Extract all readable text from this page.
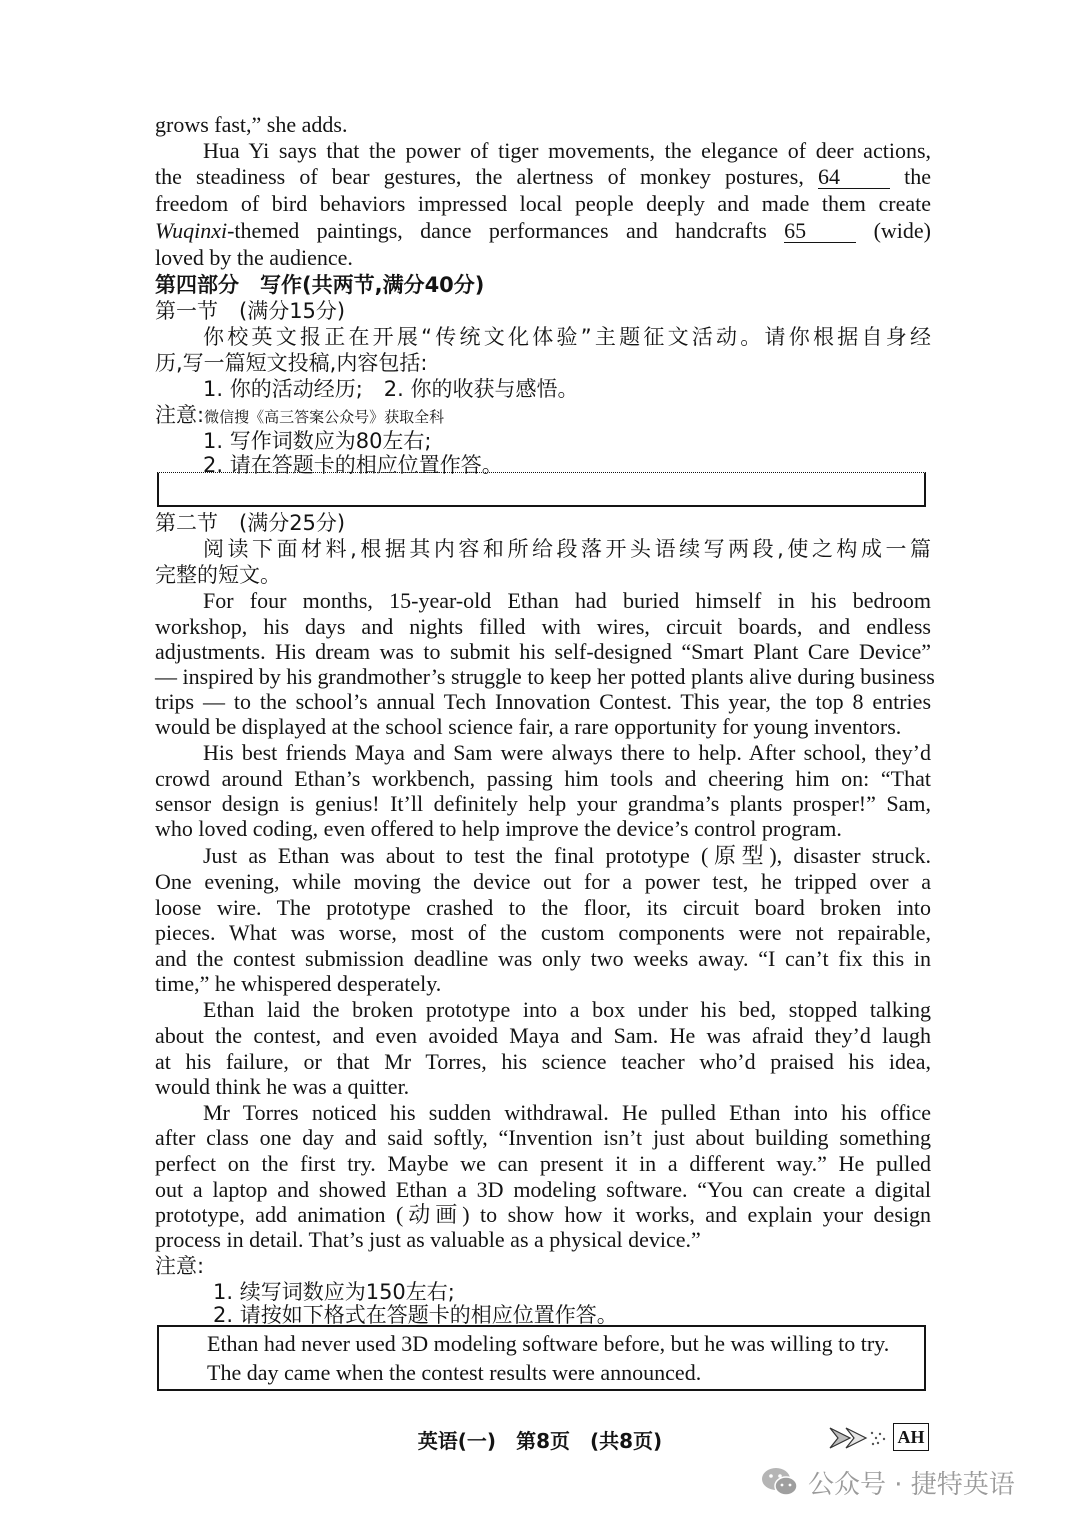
grows fast,” she adds.
Hua Yi says that the power of tiger movements, the elegance of deer actions,
the steadiness of bear gestures, the alertness of monkey postures, 64	the
freedom of bird behaviors impressed local people deeply and made them create
Wuqinxi-themed paintings, dance performances and handcrafts 65	(wide)
loved by the audience.
第四部分　写作(共两节,满分40分)
第一节　(满分15分)
你校英文报正在开展“传统文化体验”主题征文活动。请你根据自身经
历,写一篇短文投稿,内容包括:
1. 你的活动经历;　2. 你的收获与感悟。
注意:微信搜《高三答案公众号》获取全科
1. 写作词数应为80左右;
2. 请在答题卡的相应位置作答。
第二节　(满分25分)
阅读下面材料,根据其内容和所给段落开头语续写两段,使之构成一篇
完整的短文。
For four months, 15-year-old Ethan had buried himself in his bedroom
workshop, his days and nights filled with wires, circuit boards, and endless
adjustments. His dream was to submit his self-designed “Smart Plant Care Device”
— inspired by his grandmother’s struggle to keep her potted plants alive during business
trips — to the school’s annual Tech Innovation Contest. This year, the top 8 entries
would be displayed at the school science fair, a rare opportunity for young inventors.
His best friends Maya and Sam were always there to help. After school, they’d
crowd around Ethan’s workbench, passing him tools and cheering him on: “That
sensor design is genius! It’ll definitely help your grandma’s plants prosper!” Sam,
who loved coding, even offered to help improve the device’s control program.
Just as Ethan was about to test the final prototype (原型), disaster struck.
One evening, while moving the device out for a power test, he tripped over a
loose wire. The prototype crashed to the floor, its circuit board broken into
pieces. What was worse, most of the custom components were not repairable,
and the contest submission deadline was only two weeks away. “I can’t fix this in
time,” he whispered desperately.
Ethan laid the broken prototype into a box under his bed, stopped talking
about the contest, and even avoided Maya and Sam. He was afraid they’d laugh
at his failure, or that Mr Torres, his science teacher who’d praised his idea,
would think he was a quitter.
Mr Torres noticed his sudden withdrawal. He pulled Ethan into his office
after class one day and said softly, “Invention isn’t just about building something
perfect on the first try. Maybe we can present it in a different way.” He pulled
out a laptop and showed Ethan a 3D modeling software. “You can create a digital
prototype, add animation (动画) to show how it works, and explain your design
process in detail. That’s just as valuable as a physical device.”
注意:
1. 续写词数应为150左右;
2. 请按如下格式在答题卡的相应位置作答。
Ethan had never used 3D modeling software before, but he was willing to try.
The day came when the contest results were announced.
英语(一)　第8页　(共8页)	AH
公众号 · 捷特英语
